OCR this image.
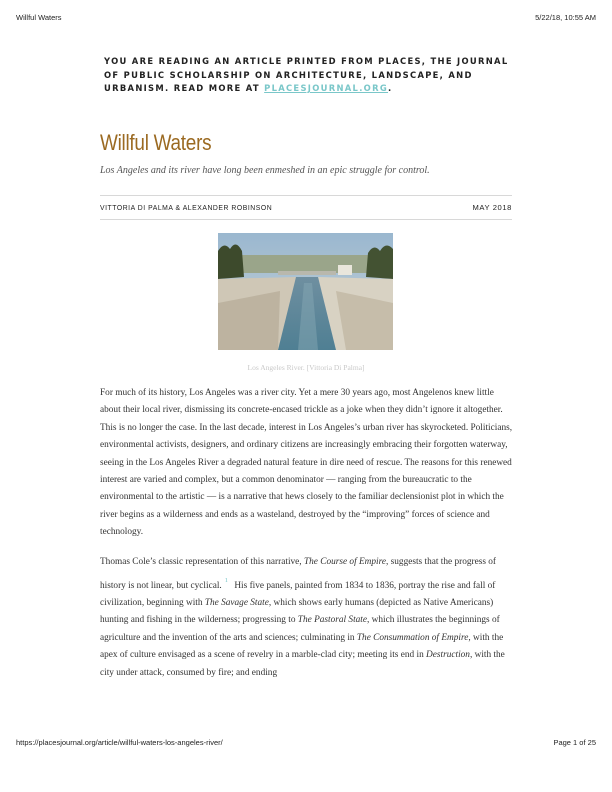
Willful Waters	5/22/18, 10:55 AM
YOU ARE READING AN ARTICLE PRINTED FROM PLACES, THE JOURNAL OF PUBLIC SCHOLARSHIP ON ARCHITECTURE, LANDSCAPE, AND URBANISM. READ MORE AT PLACESJOURNAL.ORG.
Willful Waters
Los Angeles and its river have long been enmeshed in an epic struggle for control.
VITTORIA DI PALMA & ALEXANDER ROBINSON	MAY 2018
Los Angeles River. [Vittoria Di Palma]

For much of its history, Los Angeles was a river city. Yet a mere 30 years ago, most Angelenos knew little about their local river, dismissing its concrete-encased trickle as a joke when they didn’t ignore it altogether. This is no longer the case. In the last decade, interest in Los Angeles’s urban river has skyrocketed. Politicians, environmental activists, designers, and ordinary citizens are increasingly embracing their forgotten waterway, seeing in the Los Angeles River a degraded natural feature in dire need of rescue. The reasons for this renewed interest are varied and complex, but a common denominator — ranging from the bureaucratic to the environmental to the artistic — is a narrative that hews closely to the familiar declensionist plot in which the river begins as a wilderness and ends as a wasteland, destroyed by the “improving” forces of science and technology.

Thomas Cole’s classic representation of this narrative, The Course of Empire, suggests that the progress of history is not linear, but cyclical.$^1$ His five panels, painted from 1834 to 1836, portray the rise and fall of civilization, beginning with The Savage State, which shows early humans (depicted as Native Americans) hunting and fishing in the wilderness; progressing to The Pastoral State, which illustrates the beginnings of agriculture and the invention of the arts and sciences; culminating in The Consummation of Empire, with the apex of culture envisaged as a scene of revelry in a marble-clad city; meeting its end in Destruction, with the city under attack, consumed by fire; and ending

https://placesjournal.org/article/willful-waters-los-angeles-river/	Page 1 of 25
